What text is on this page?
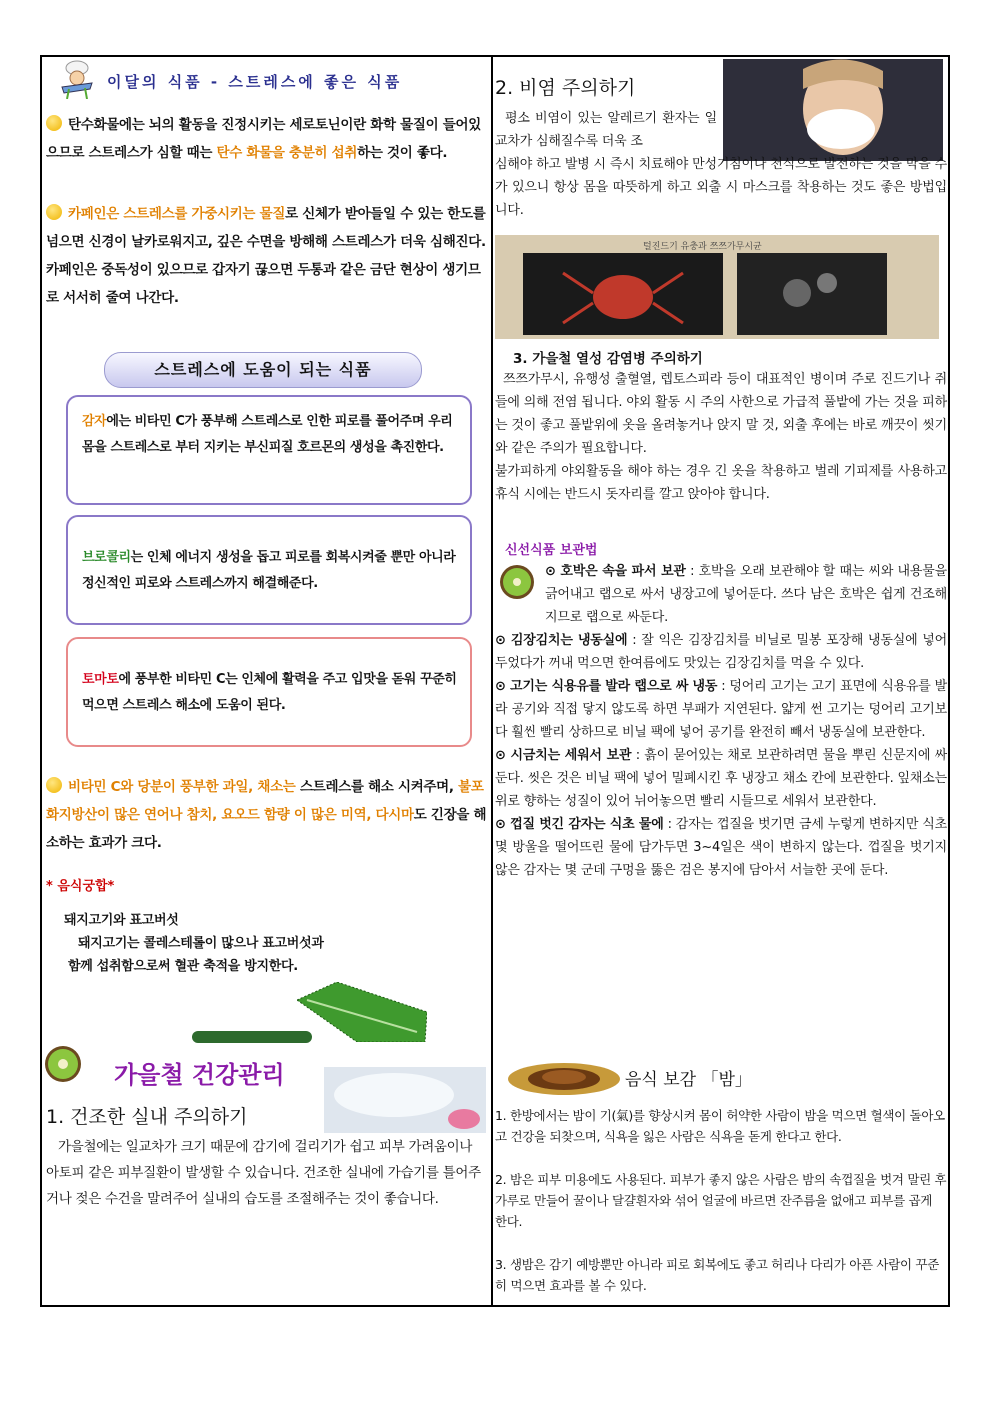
이달의 식품 - 스트레스에 좋은 식품
탄수화물에는 뇌의 활동을 진정시키는 세로토닌이란 화학 물질이 들어있으므로 스트레스가 심할 때는 탄수 화물을 충분히 섭취하는 것이 좋다.
카페인은 스트레스를 가중시키는 물질로 신체가 받아들일 수 있는 한도를 넘으면 신경이 날카로워지고, 깊은 수면을 방해해 스트레스가 더욱 심해진다. 카페인은 중독성이 있으므로 갑자기 끊으면 두통과 같은 금단 현상이 생기므로 서서히 줄여 나간다.
스트레스에 도움이 되는 식품

감자에는 비타민 C가 풍부해 스트레스로 인한 피로를 풀어주며 우리 몸을 스트레스로 부터 지키는 부신피질 호르몬의 생성을 촉진한다.

브로콜리는 인체 에너지 생성을 돕고 피로를 회복시켜줄 뿐만 아니라 정신적인 피로와 스트레스까지 해결해준다.

토마토에 풍부한 비타민 C는 인체에 활력을 주고 입맛을 돋워 꾸준히 먹으면 스트레스 해소에 도움이 된다.

비타민 C와 당분이 풍부한 과일, 채소는 스트레스를 해소 시켜주며, 불포화지방산이 많은 연어나 참치, 요오드 함량 이 많은 미역, 다시마도 긴장을 해소하는 효과가 크다.
* 음식궁합*

돼지고기와 표고버섯

돼지고기는 콜레스테롤이 많으나 표고버섯과

함께 섭취함으로써 혈관 축적을 방지한다.

가을철 건강관리
1. 건조한 실내 주의하기

가을철에는 일교차가 크기 때문에 감기에 걸리기가 쉽고 피부 가려움이나 아토피 같은 피부질환이 발생할 수 있습니다. 건조한 실내에 가습기를 틀어주거나 젖은 수건을 말려주어 실내의 습도를 조절해주는 것이 좋습니다.

2. 비염 주의하기

평소 비염이 있는 알레르기 환자는 일교차가 심해질수록 더욱 조

심해야 하고 발병 시 즉시 치료해야 만성기침이나 천식으로 발전하는 것을 막을 수가 있으니 항상 몸을 따뜻하게 하고 외출 시 마스크를 착용하는 것도 좋은 방법입니다.

털진드기 유충과 쯔쯔가무시균
3. 가을철 열성 감염병 주의하기

쯔쯔가무시, 유행성 출혈열, 렙토스피라 등이 대표적인 병이며 주로 진드기나 쥐들에 의해 전염 됩니다. 야외 활동 시 주의 사한으로 가급적 풀밭에 가는 것을 피하는 것이 좋고 풀밭위에 옷을 올려놓거나 앉지 말 것, 외출 후에는 바로 깨끗이 씻기와 같은 주의가 필요합니다.

불가피하게 야외활동을 해야 하는 경우 긴 옷을 착용하고 벌레 기피제를 사용하고 휴식 시에는 반드시 돗자리를 깔고 앉아야 합니다.

신선식품 보관법

⊙ 호박은 속을 파서 보관 : 호박을 오래 보관해야 할 때는 씨와 내용물을 긁어내고 랩으로 싸서 냉장고에 넣어둔다. 쓰다 남은 호박은 쉽게 건조해지므로 랩으로 싸둔다.

⊙ 김장김치는 냉동실에 : 잘 익은 김장김치를 비닐로 밀봉 포장해 냉동실에 넣어두었다가 꺼내 먹으면 한여름에도 맛있는 김장김치를 먹을 수 있다.

⊙ 고기는 식용유를 발라 랩으로 싸 냉동 : 덩어리 고기는 고기 표면에 식용유를 발라 공기와 직접 닿지 않도록 하면 부패가 지연된다. 얇게 썬 고기는 덩어리 고기보다 훨씬 빨리 상하므로 비닐 팩에 넣어 공기를 완전히 빼서 냉동실에 보관한다.

⊙ 시금치는 세워서 보관 : 흙이 묻어있는 채로 보관하려면 물을 뿌린 신문지에 싸둔다. 씻은 것은 비닐 팩에 넣어 밀폐시킨 후 냉장고 채소 칸에 보관한다. 잎채소는 위로 향하는 성질이 있어 뉘어놓으면 빨리 시들므로 세워서 보관한다.

⊙ 껍질 벗긴 감자는 식초 물에 : 감자는 껍질을 벗기면 금세 누렇게 변하지만 식초 몇 방울을 떨어뜨린 물에 담가두면 3~4일은 색이 변하지 않는다. 껍질을 벗기지 않은 감자는 몇 군데 구멍을 뚫은 검은 봉지에 담아서 서늘한 곳에 둔다.

음식 보감 「밤」

1. 한방에서는 밤이 기(氣)를 향상시켜 몸이 허약한 사람이 밤을 먹으면 혈색이 돌아오고 건강을 되찾으며, 식욕을 잃은 사람은 식욕을 돋게 한다고 한다.

2. 밤은 피부 미용에도 사용된다. 피부가 좋지 않은 사람은 밤의 속껍질을 벗겨 말린 후 가루로 만들어 꿀이나 달걀흰자와 섞어 얼굴에 바르면 잔주름을 없애고 피부를 곱게 한다.

3. 생밤은 감기 예방뿐만 아니라 피로 회복에도 좋고 허리나 다리가 아픈 사람이 꾸준히 먹으면 효과를 볼 수 있다.
